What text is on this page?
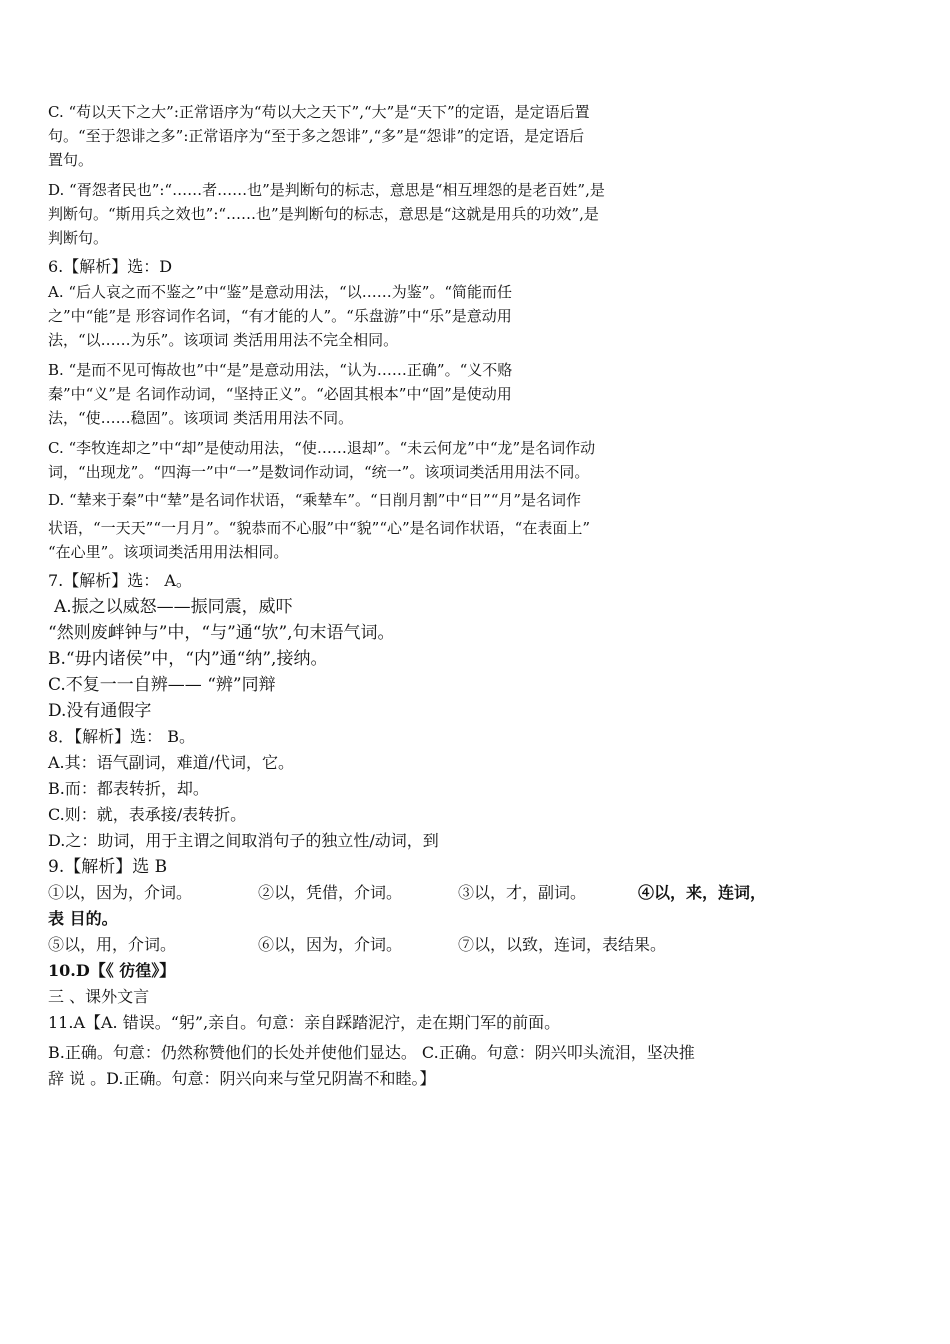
C. “苟以天下之大”:正常语序为“苟以大之天下”,“大”是“天下”的定语，是定语后置

句。“至于怨诽之多”:正常语序为“至于多之怨诽”,“多”是“怨诽”的定语，是定语后

置句。

D. “胥怨者民也”:“……者……也”是判断句的标志，意思是“相互埋怨的是老百姓”,是

判断句。“斯用兵之效也”:“……也”是判断句的标志，意思是“这就是用兵的功效”,是

判断句。

6.【解析】选：D

A. “后人哀之而不鉴之”中“鉴”是意动用法，“以……为鉴”。“简能而任

之”中“能”是 形容词作名词，“有才能的人”。“乐盘游”中“乐”是意动用

法，“以……为乐”。该项词 类活用用法不完全相同。

B. “是而不见可悔故也”中“是”是意动用法，“认为……正确”。“义不赂

秦”中“义”是 名词作动词，“坚持正义”。“必固其根本”中“固”是使动用

法，“使……稳固”。该项词 类活用用法不同。

C. “李牧连却之”中“却”是使动用法，“使……退却”。“未云何龙”中“龙”是名词作动

词，“出现龙”。“四海一”中“一”是数词作动词，“统一”。该项词类活用用法不同。

D. “辇来于秦”中“辇”是名词作状语，“乘辇车”。“日削月割”中“日”“月”是名词作

状语，“一天天”“一月月”。“貌恭而不心服”中“貌”“心”是名词作状语，“在表面上”

“在心里”。该项词类活用用法相同。

7.【解析】选： A。

A.振之以威怒——振同震，威吓

“然则废衅钟与”中，“与”通“欤”,句末语气词。

B.“毋内诸侯”中，“内”通“纳”,接纳。

C.不复一一自辨—— “辨”同辩

D.没有通假字

8．【解析】选： B。

A.其：语气副词，难道/代词，它。

B.而：都表转折，却。

C.则：就，表承接/表转折。

D.之：助词，用于主谓之间取消句子的独立性/动词，到

9.【解析】选 B

①以，因为，介词。	②以，凭借，介词。	③以，才，副词。	④以，来，连词，

表 目的。

⑤以，用，介词。	⑥以，因为，介词。	⑦以，以致，连词，表结果。

10.D【《 彷徨》】

三 、课外文言

11.A【A. 错误。“躬”,亲自。句意：亲自踩踏泥泞，走在期门军的前面。

B.正确。句意：仍然称赞他们的长处并使他们显达。 C.正确。句意：阴兴叩头流泪，坚决推

辞 说 。D.正确。句意：阴兴向来与堂兄阴嵩不和睦。】
